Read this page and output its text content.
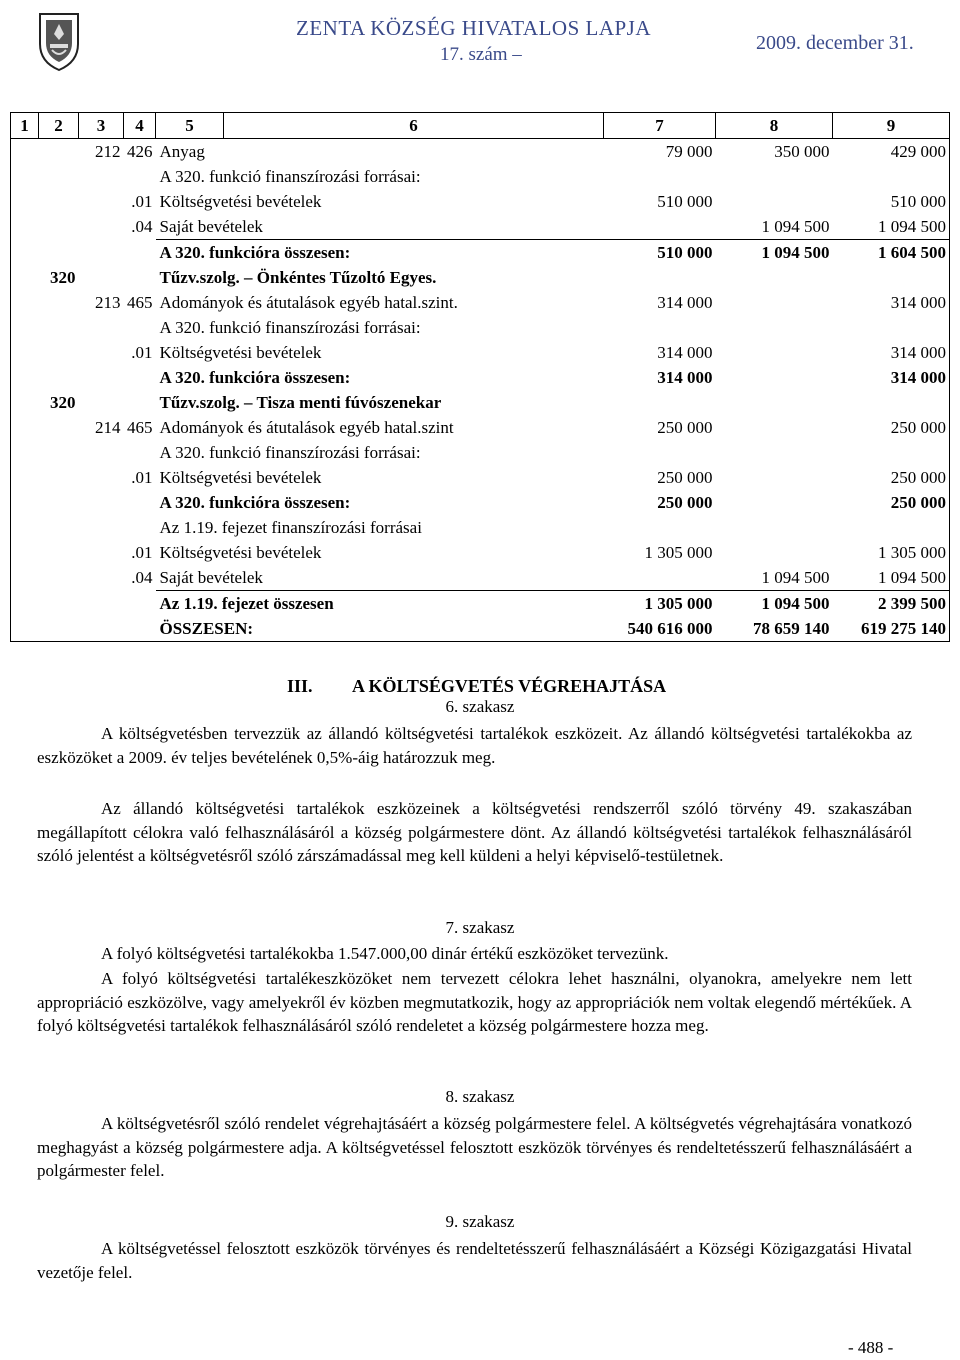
ZENTA KÖZSÉG HIVATALOS LAPJA
17. szám –
2009. december 31.
1	2	3	4	5	6	7	8	9
		212	426	Anyag		79 000	350 000	429 000
				A 320. funkció finanszírozási forrásai:				
			.01	Költségvetési bevételek		510 000		510 000
			.04	Saját bevételek			1 094 500	1 094 500
				A 320. funkcióra összesen:		510 000	1 094 500	1 604 500
320				Tűzv.szolg. – Önkéntes Tűzoltó Egyes.				
		213	465	Adományok és átutalások egyéb hatal.szint.		314 000		314 000
				A 320. funkció finanszírozási forrásai:				
			.01	Költségvetési bevételek		314 000		314 000
				A 320. funkcióra összesen:		314 000		314 000
320				Tűzv.szolg. – Tisza menti fúvószenekar				
		214	465	Adományok és átutalások egyéb hatal.szint		250 000		250 000
				A 320. funkció finanszírozási forrásai:				
			.01	Költségvetési bevételek		250 000		250 000
				A 320. funkcióra összesen:		250 000		250 000
				Az 1.19. fejezet finanszírozási forrásai				
			.01	Költségvetési bevételek		1 305 000		1 305 000
			.04	Saját bevételek			1 094 500	1 094 500
				Az 1.19. fejezet összesen		1 305 000	1 094 500	2 399 500
				ÖSSZESEN:		540 616 000	78 659 140	619 275 140
III. A KÖLTSÉGVETÉS VÉGREHAJTÁSA
6. szakasz
A költségvetésben tervezzük az állandó költségvetési tartalékok eszközeit. Az állandó költségvetési tartalékokba az eszközöket a 2009. év teljes bevételének 0,5%-áig határozzuk meg.
Az állandó költségvetési tartalékok eszközeinek a költségvetési rendszerről szóló törvény 49. szakaszában megállapított célokra való felhasználásáról a község polgármestere dönt. Az állandó költségvetési tartalékok felhasználásáról szóló jelentést a költségvetésről szóló zárszámadással meg kell küldeni a helyi képviselő-testületnek.
7. szakasz
A folyó költségvetési tartalékokba 1.547.000,00 dinár értékű eszközöket tervezünk.
A folyó költségvetési tartalékeszközöket nem tervezett célokra lehet használni, olyanokra, amelyekre nem lett appropriáció eszközölve, vagy amelyekről év közben megmutatkozik, hogy az appropriációk nem voltak elegendő mértékűek. A folyó költségvetési tartalékok felhasználásáról szóló rendeletet a község polgármestere hozza meg.
8. szakasz
A költségvetésről szóló rendelet végrehajtásáért a község polgármestere felel. A költségvetés végrehajtására vonatkozó meghagyást a község polgármestere adja. A költségvetéssel felosztott eszközök törvényes és rendeltetésszerű felhasználásáért a polgármester felel.
9. szakasz
A költségvetéssel felosztott eszközök törvényes és rendeltetésszerű felhasználásáért a Községi Közigazgatási Hivatal vezetője felel.
- 488 -
